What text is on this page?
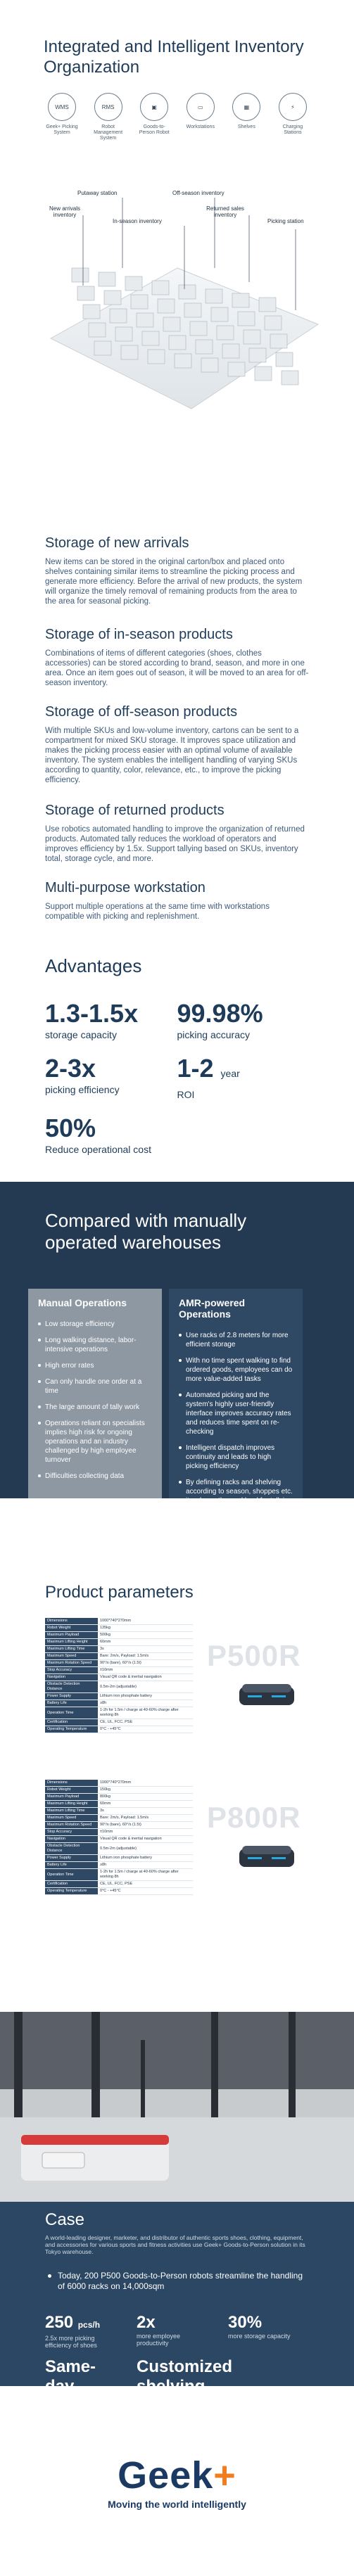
Integrated and Intelligent Inventory Organization
WMS
Geek+ Picking System
RMS
Robot Management System
▣
Goods-to-Person Robot
▭
Workstations
▦
Shelves
⚡
Charging Stations
Putaway station	Off-season inventory
New arrivals inventory
In-season inventory
Returned sales inventory
Picking station
Storage of new arrivals

New items can be stored in the original carton/box and placed onto shelves containing similar items to streamline the picking process and generate more efficiency. Before the arrival of new products, the system will organize the timely removal of remaining products from the area to the area for seasonal picking.

Storage of in-season products

Combinations of items of different categories (shoes, clothes accessories) can be stored according to brand, season, and more in one area. Once an item goes out of season, it will be moved to an area for off-season inventory.

Storage of off-season products

With multiple SKUs and low-volume inventory, cartons can be sent to a compartment for mixed SKU storage. It improves space utilization and makes the picking process easier with an optimal volume of available inventory. The system enables the intelligent handling of varying SKUs according to quantity, color, relevance, etc., to improve the picking efficiency.

Storage of returned products

Use robotics automated handling to improve the organization of returned products. Automated tally reduces the workload of operators and improves efficiency by 1.5x. Support tallying based on SKUs, inventory total, storage cycle, and more.

Multi-purpose workstation

Support multiple operations at the same time with workstations compatible with picking and replenishment.

Advantages
1.3-1.5x
storage capacity
99.98%
picking accuracy
2-3x
picking efficiency
1-2 year
ROI
50%
Reduce operational cost
Compared with manually operated warehouses
Manual Operations
Low storage efficiency
Long walking distance, labor-intensive operations
High error rates
Can only handle one order at a time
The large amount of tally work
Operations reliant on specialists implies high risk for ongoing operations and an industry challenged by high employee turnover
Difficulties collecting data
AMR-powered Operations
Use racks of 2.8 meters for more efficient storage
With no time spent walking to find ordered goods, employees can do more value-added tasks
Automated picking and the system's highly user-friendly interface improves accuracy rates and reduces time spent on re-checking
Intelligent dispatch improves continuity and leads to high picking efficiency
By defining racks and shelving according to season, shoppes etc.
Product parameters
Dimensions	1000*740*270mm
Robot Weight	135kg
Maximum Payload	500kg
Maximum Lifting Height	60mm
Maximum Lifting Time	3s
Maximum Speed	Bare: 2m/s, Payload: 1.5m/s
Maximum Rotation Speed	90°/s (bare), 60°/s (1.5t)
Stop Accuracy	±10mm
Navigation	Visual QR code & inertial navigation
Obstacle Detection Distance	0.5m-2m (adjustable)
Power Supply	Lithium iron phosphate battery
Battery Life	≥8h
Operation Time	1-2h for 1.5m / charge at 40-60% charge after working 8h
Certification	CE, UL, FCC, PSE
Operating Temperature	0°C - +45°C
P500R
Dimensions	1000*740*270mm
Robot Weight	150kg
Maximum Payload	800kg
Maximum Lifting Height	60mm
Maximum Lifting Time	3s
Maximum Speed	Bare: 2m/s, Payload: 1.5m/s
Maximum Rotation Speed	90°/s (bare), 60°/s (1.5t)
Stop Accuracy	±10mm
Navigation	Visual QR code & inertial navigation
Obstacle Detection Distance	0.5m-2m (adjustable)
Power Supply	Lithium iron phosphate battery
Battery Life	≥8h
Operation Time	1-2h for 1.5m / charge at 40-60% charge after working 8h
Certification	CE, UL, FCC, PSE
Operating Temperature	0°C - +45°C
P800R
Case
A world-leading designer, marketer, and distributor of authentic sports shoes, clothing, equipment, and accessories for various sports and fitness activities use Geek+ Goods-to-Person solution in its Tokyo warehouse.
Today, 200 P500 Goods-to-Person robots streamline the handling of 6000 racks on 14,000sqm
250 pcs/h
2.5x more picking efficiency of shoes
2x
more employee productivity
30%
more storage capacity
Same-	Customized
Geek+
Moving the world intelligently
